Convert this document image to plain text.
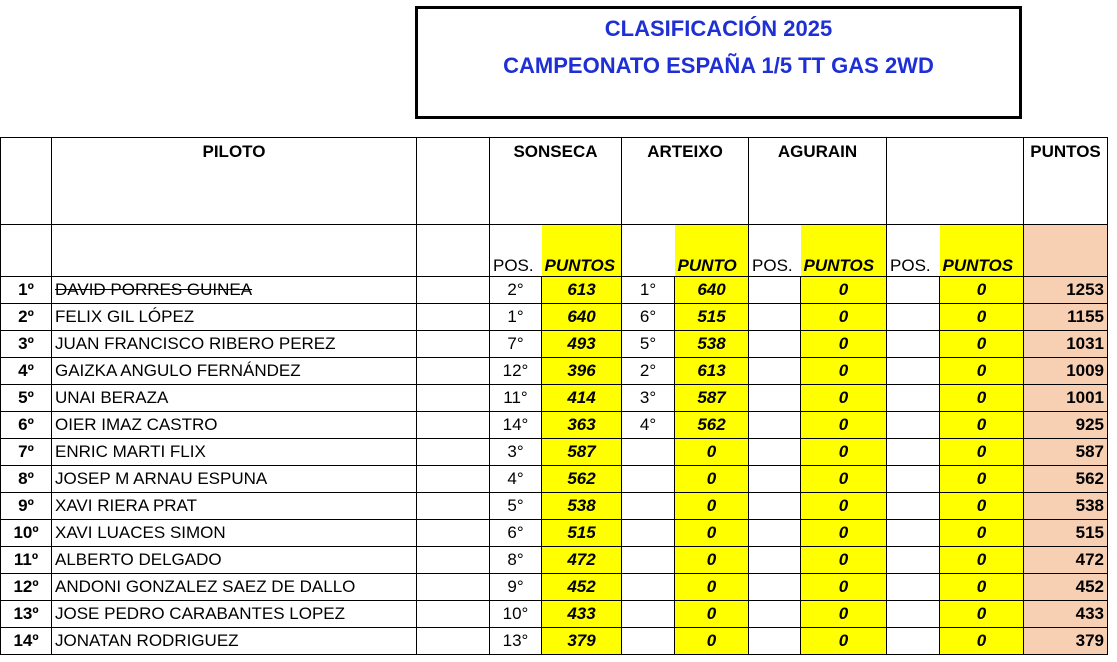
CLASIFICACIÓN 2025
CAMPEONATO ESPAÑA 1/5 TT GAS 2WD
	PILOTO		SONSECA		ARTEIXO		AGURAIN				PUNTOS
			POS.	PUNTOS		PUNTO	POS.	PUNTOS	POS.	PUNTOS	
1º	DAVID PORRES GUINEA		2°	613	1°	640		0		0	1253
2º	FELIX GIL LÓPEZ		1°	640	6°	515		0		0	1155
3º	JUAN FRANCISCO RIBERO PEREZ		7°	493	5°	538		0		0	1031
4º	GAIZKA ANGULO FERNÁNDEZ		12°	396	2°	613		0		0	1009
5º	UNAI BERAZA		11°	414	3°	587		0		0	1001
6º	OIER IMAZ CASTRO		14°	363	4°	562		0		0	925
7º	ENRIC MARTI FLIX		3°	587		0		0		0	587
8º	JOSEP M ARNAU ESPUNA		4°	562		0		0		0	562
9º	XAVI RIERA PRAT		5°	538		0		0		0	538
10º	XAVI LUACES SIMON		6°	515		0		0		0	515
11º	ALBERTO DELGADO		8°	472		0		0		0	472
12º	ANDONI GONZALEZ SAEZ DE DALLO		9°	452		0		0		0	452
13º	JOSE PEDRO CARABANTES LOPEZ		10°	433		0		0		0	433
14º	JONATAN RODRIGUEZ		13°	379		0		0		0	379
